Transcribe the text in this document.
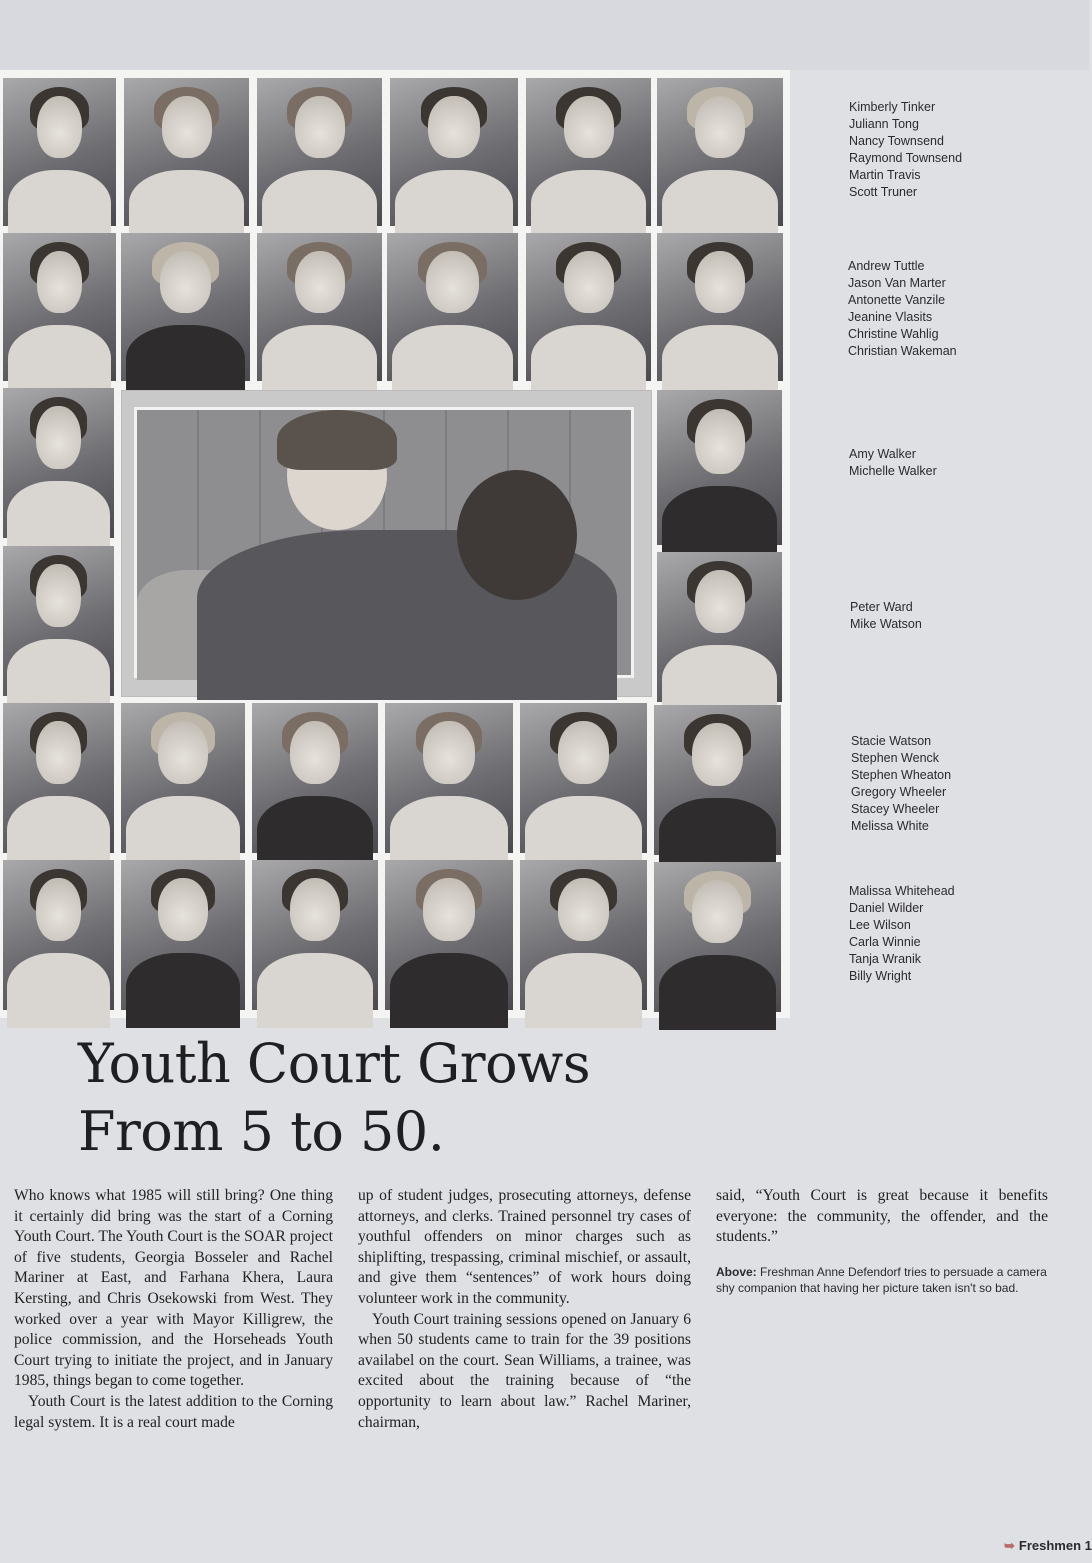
Kimberly Tinker
Juliann Tong
Nancy Townsend
Raymond Townsend
Martin Travis
Scott Truner
Andrew Tuttle
Jason Van Marter
Antonette Vanzile
Jeanine Vlasits
Christine Wahlig
Christian Wakeman
Amy Walker
Michelle Walker
Peter Ward
Mike Watson
Stacie Watson
Stephen Wenck
Stephen Wheaton
Gregory Wheeler
Stacey Wheeler
Melissa White
Malissa Whitehead
Daniel Wilder
Lee Wilson
Carla Winnie
Tanja Wranik
Billy Wright
Youth Court Grows
From 5 to 50.

Who knows what 1985 will still bring? One thing it certainly did bring was the start of a Corning Youth Court. The Youth Court is the SOAR project of five students, Georgia Bosseler and Rachel Mariner at East, and Farhana Khera, Laura Kersting, and Chris Osekowski from West. They worked over a year with Mayor Killigrew, the police commission, and the Horseheads Youth Court trying to initiate the project, and in January 1985, things began to come together.

Youth Court is the latest addition to the Corning legal system. It is a real court made

up of student judges, prosecuting attorneys, defense attorneys, and clerks. Trained personnel try cases of youthful offenders on minor charges such as shiplifting, trespassing, criminal mischief, or assault, and give them “sentences” of work hours doing volunteer work in the community.

Youth Court training sessions opened on January 6 when 50 students came to train for the 39 positions availabel on the court. Sean Williams, a trainee, was excited about the training because of “the opportunity to learn about law.” Rachel Mariner, chairman,

said, “Youth Court is great because it benefits everyone: the community, the offender, and the students.”

Above: Freshman Anne Defendorf tries to persuade a camera shy companion that having her picture taken isn't so bad.
➥ Freshmen 1
